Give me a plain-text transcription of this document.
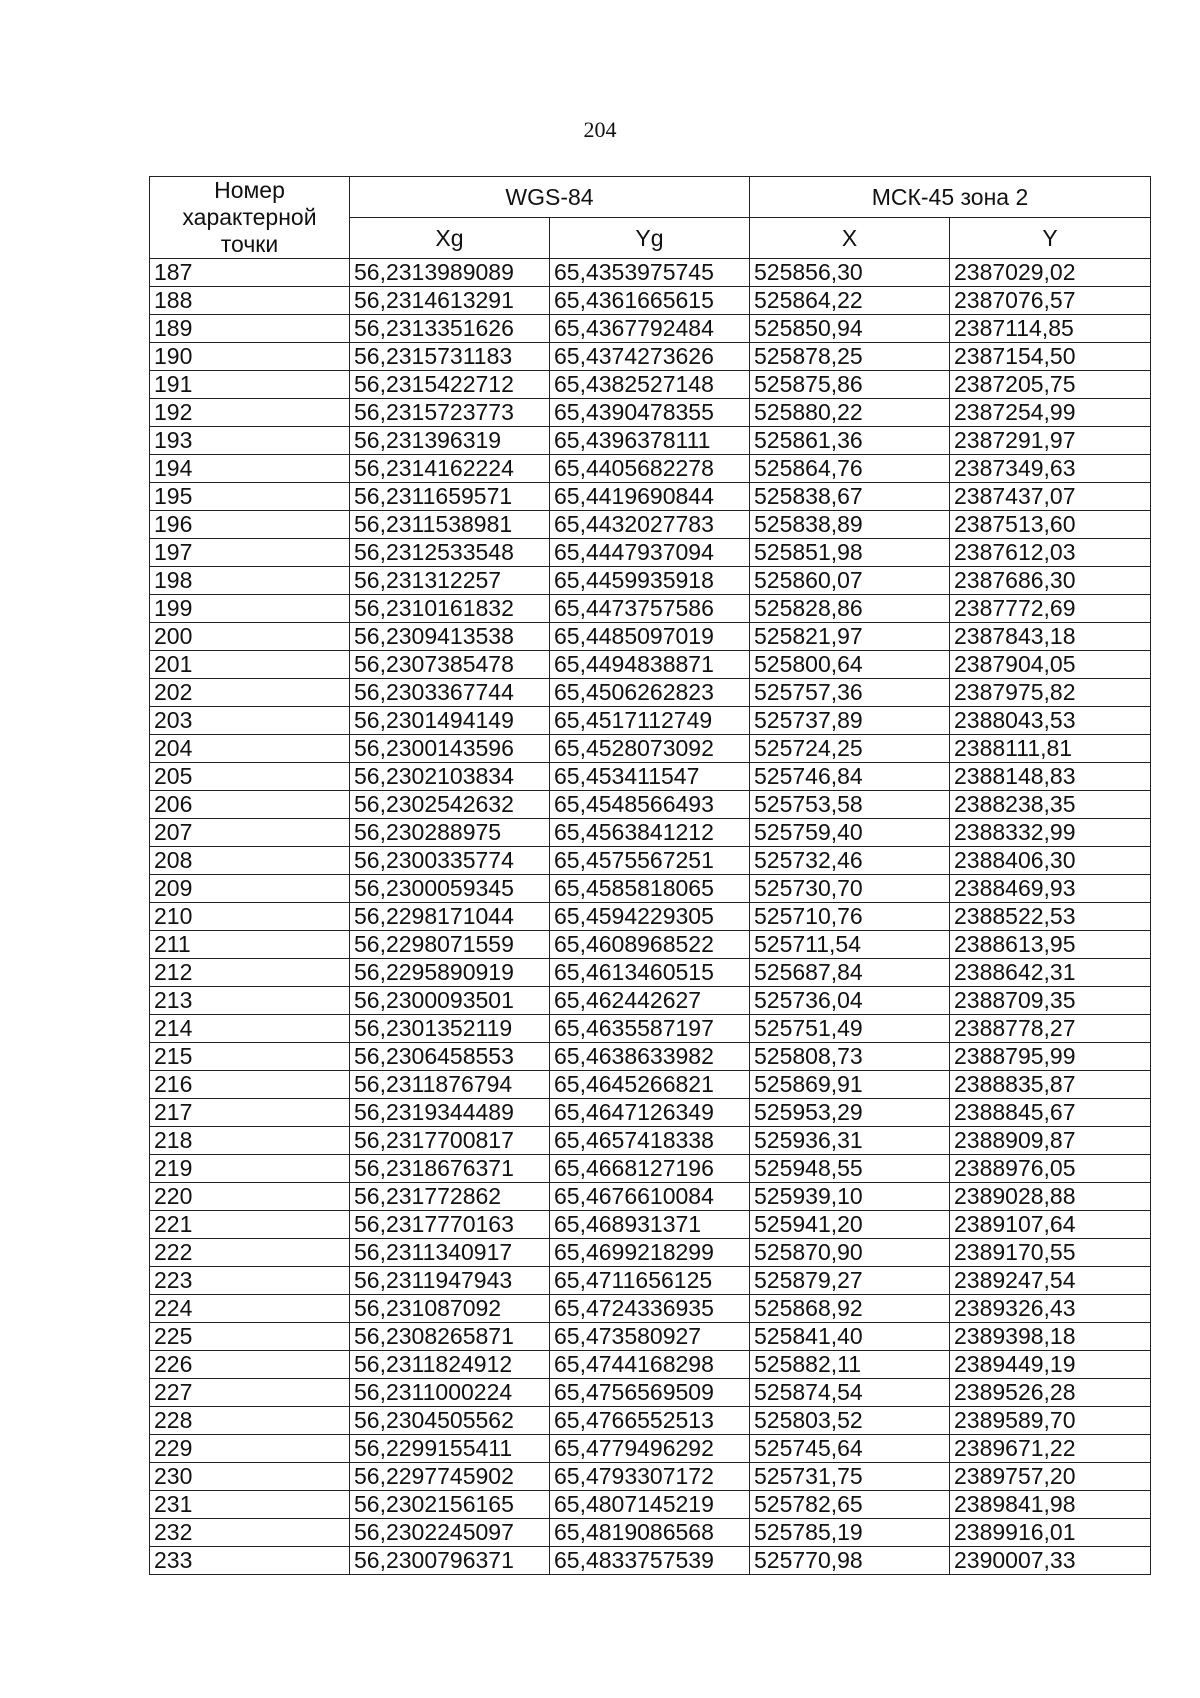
204
Номер характерной точки	WGS-84		МСК-45 зона 2	
	Xg	Yg	X	Y
187	56,2313989089	65,4353975745	525856,30	2387029,02
188	56,2314613291	65,4361665615	525864,22	2387076,57
189	56,2313351626	65,4367792484	525850,94	2387114,85
190	56,2315731183	65,4374273626	525878,25	2387154,50
191	56,2315422712	65,4382527148	525875,86	2387205,75
192	56,2315723773	65,4390478355	525880,22	2387254,99
193	56,231396319	65,4396378111	525861,36	2387291,97
194	56,2314162224	65,4405682278	525864,76	2387349,63
195	56,2311659571	65,4419690844	525838,67	2387437,07
196	56,2311538981	65,4432027783	525838,89	2387513,60
197	56,2312533548	65,4447937094	525851,98	2387612,03
198	56,231312257	65,4459935918	525860,07	2387686,30
199	56,2310161832	65,4473757586	525828,86	2387772,69
200	56,2309413538	65,4485097019	525821,97	2387843,18
201	56,2307385478	65,4494838871	525800,64	2387904,05
202	56,2303367744	65,4506262823	525757,36	2387975,82
203	56,2301494149	65,4517112749	525737,89	2388043,53
204	56,2300143596	65,4528073092	525724,25	2388111,81
205	56,2302103834	65,453411547	525746,84	2388148,83
206	56,2302542632	65,4548566493	525753,58	2388238,35
207	56,230288975	65,4563841212	525759,40	2388332,99
208	56,2300335774	65,4575567251	525732,46	2388406,30
209	56,2300059345	65,4585818065	525730,70	2388469,93
210	56,2298171044	65,4594229305	525710,76	2388522,53
211	56,2298071559	65,4608968522	525711,54	2388613,95
212	56,2295890919	65,4613460515	525687,84	2388642,31
213	56,2300093501	65,462442627	525736,04	2388709,35
214	56,2301352119	65,4635587197	525751,49	2388778,27
215	56,2306458553	65,4638633982	525808,73	2388795,99
216	56,2311876794	65,4645266821	525869,91	2388835,87
217	56,2319344489	65,4647126349	525953,29	2388845,67
218	56,2317700817	65,4657418338	525936,31	2388909,87
219	56,2318676371	65,4668127196	525948,55	2388976,05
220	56,231772862	65,4676610084	525939,10	2389028,88
221	56,2317770163	65,468931371	525941,20	2389107,64
222	56,2311340917	65,4699218299	525870,90	2389170,55
223	56,2311947943	65,4711656125	525879,27	2389247,54
224	56,231087092	65,4724336935	525868,92	2389326,43
225	56,2308265871	65,473580927	525841,40	2389398,18
226	56,2311824912	65,4744168298	525882,11	2389449,19
227	56,2311000224	65,4756569509	525874,54	2389526,28
228	56,2304505562	65,4766552513	525803,52	2389589,70
229	56,2299155411	65,4779496292	525745,64	2389671,22
230	56,2297745902	65,4793307172	525731,75	2389757,20
231	56,2302156165	65,4807145219	525782,65	2389841,98
232	56,2302245097	65,4819086568	525785,19	2389916,01
233	56,2300796371	65,4833757539	525770,98	2390007,33
